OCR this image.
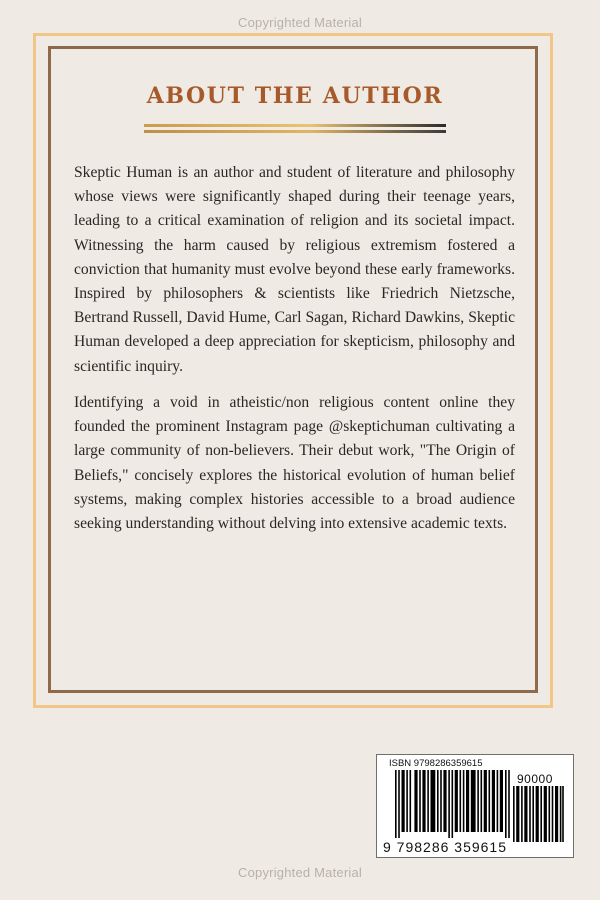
Copyrighted Material
ABOUT THE AUTHOR

Skeptic Human is an author and student of literature and philosophy whose views were significantly shaped during their teenage years, leading to a critical examination of religion and its societal impact. Witnessing the harm caused by religious extremism fostered a conviction that humanity must evolve beyond these early frameworks. Inspired by philosophers & scientists like Friedrich Nietzsche, Bertrand Russell, David Hume, Carl Sagan, Richard Dawkins, Skeptic Human developed a deep appreciation for skepticism, philosophy and scientific inquiry.

Identifying a void in atheistic/non religious content online they founded the prominent Instagram page @skeptichuman cultivating a large community of non-believers. Their debut work, "The Origin of Beliefs," concisely explores the historical evolution of human belief systems, making complex histories accessible to a broad audience seeking understanding without delving into extensive academic texts.

ISBN 9798286359615
90000
9 798286 359615
Copyrighted Material
